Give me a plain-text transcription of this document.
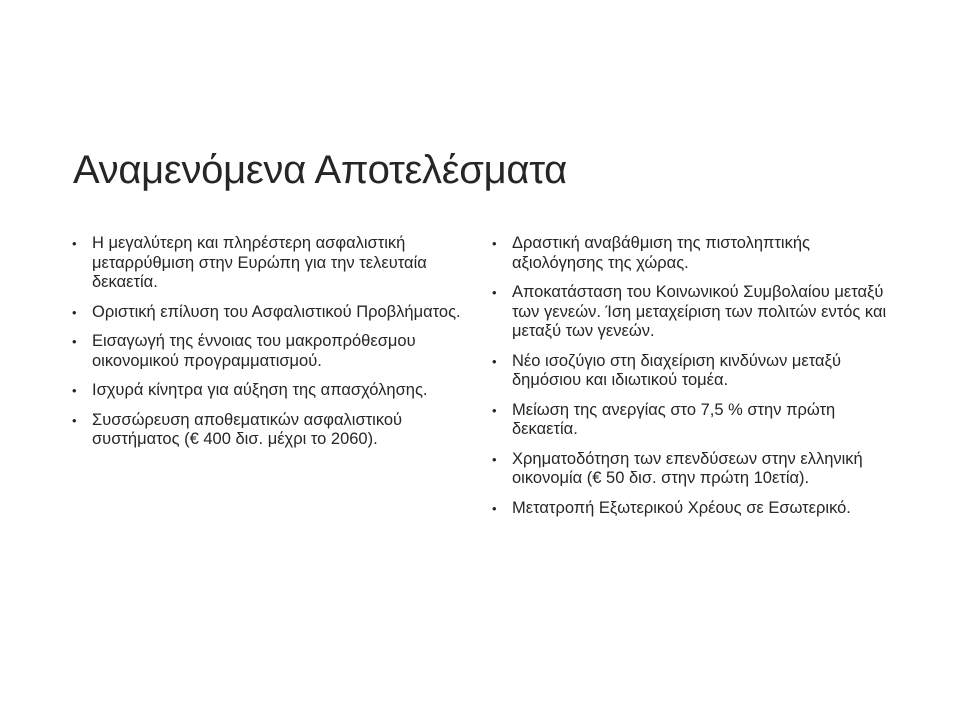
Αναμενόμενα Αποτελέσματα
• Η μεγαλύτερη και πληρέστερη ασφαλιστική μεταρρύθμιση στην Ευρώπη για την τελευταία δεκαετία.
• Οριστική επίλυση του Ασφαλιστικού Προβλήματος.
• Εισαγωγή της έννοιας του μακροπρόθεσμου οικονομικού προγραμματισμού.
• Ισχυρά κίνητρα για αύξηση της απασχόλησης.
• Συσσώρευση αποθεματικών ασφαλιστικού συστήματος (€ 400 δισ. μέχρι το 2060).
• Δραστική αναβάθμιση της πιστοληπτικής αξιολόγησης της χώρας.
• Αποκατάσταση του Κοινωνικού Συμβολαίου μεταξύ των γενεών. Ίση μεταχείριση των πολιτών εντός και μεταξύ των γενεών.
• Νέο ισοζύγιο στη διαχείριση κινδύνων μεταξύ δημόσιου και ιδιωτικού τομέα.
• Μείωση της ανεργίας στο 7,5 % στην πρώτη δεκαετία.
• Χρηματοδότηση των επενδύσεων στην ελληνική οικονομία (€ 50 δισ. στην πρώτη 10ετία).
• Μετατροπή Εξωτερικού Χρέους σε Εσωτερικό.
